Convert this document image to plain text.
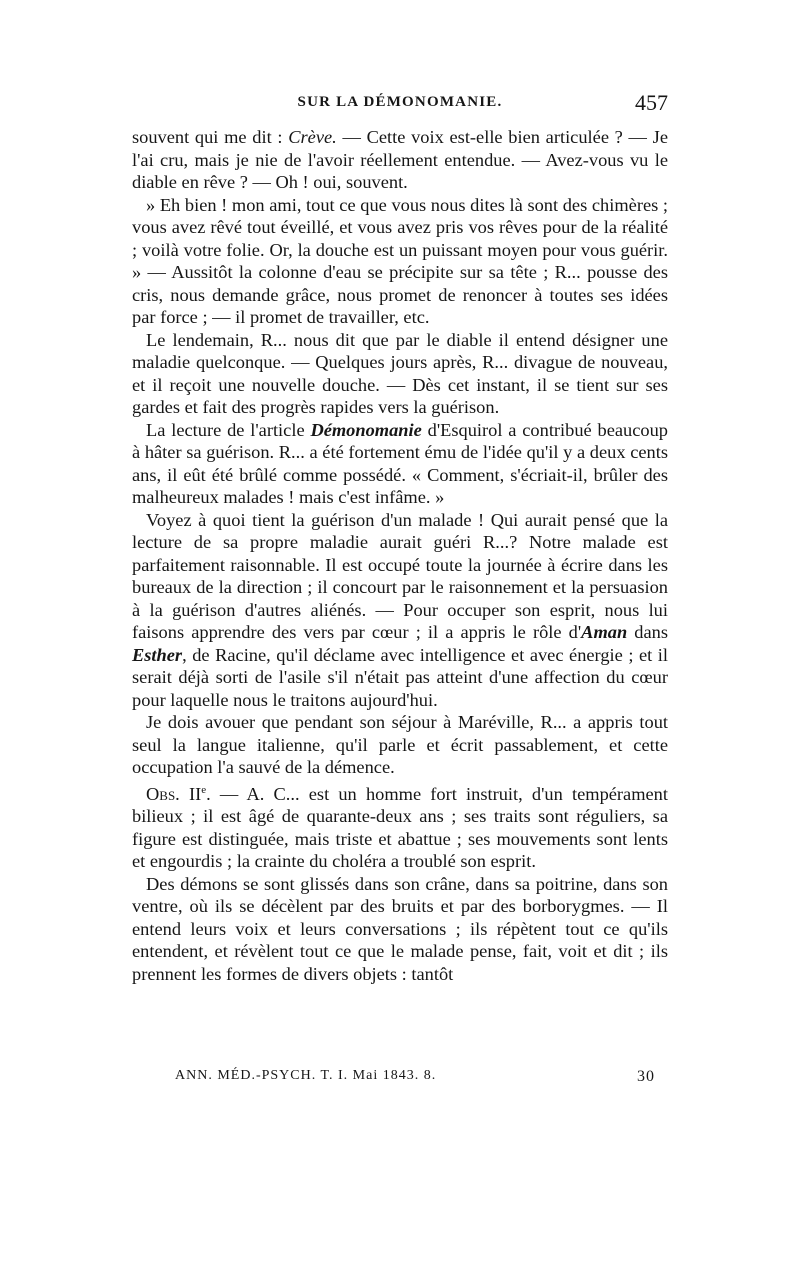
SUR LA DÉMONOMANIE.	457

souvent qui me dit : Crève. — Cette voix est-elle bien articulée ? — Je l'ai cru, mais je nie de l'avoir réellement entendue. — Avez-vous vu le diable en rêve ? — Oh ! oui, souvent.

» Eh bien ! mon ami, tout ce que vous nous dites là sont des chimères ; vous avez rêvé tout éveillé, et vous avez pris vos rêves pour de la réalité ; voilà votre folie. Or, la douche est un puissant moyen pour vous guérir. » — Aussitôt la colonne d'eau se précipite sur sa tête ; R... pousse des cris, nous demande grâce, nous promet de renoncer à toutes ses idées par force ; — il promet de travailler, etc.

Le lendemain, R... nous dit que par le diable il entend désigner une maladie quelconque. — Quelques jours après, R... divague de nouveau, et il reçoit une nouvelle douche. — Dès cet instant, il se tient sur ses gardes et fait des progrès rapides vers la guérison.

La lecture de l'article Démonomanie d'Esquirol a contribué beaucoup à hâter sa guérison. R... a été fortement ému de l'idée qu'il y a deux cents ans, il eût été brûlé comme possédé. « Comment, s'écriait-il, brûler des malheureux malades ! mais c'est infâme. »

Voyez à quoi tient la guérison d'un malade ! Qui aurait pensé que la lecture de sa propre maladie aurait guéri R...? Notre malade est parfaitement raisonnable. Il est occupé toute la journée à écrire dans les bureaux de la direction ; il concourt par le raisonnement et la persuasion à la guérison d'autres aliénés. — Pour occuper son esprit, nous lui faisons apprendre des vers par cœur ; il a appris le rôle d'Aman dans Esther, de Racine, qu'il déclame avec intelligence et avec énergie ; et il serait déjà sorti de l'asile s'il n'était pas atteint d'une affection du cœur pour laquelle nous le traitons aujourd'hui.

Je dois avouer que pendant son séjour à Maréville, R... a appris tout seul la langue italienne, qu'il parle et écrit passablement, et cette occupation l'a sauvé de la démence.

Obs. IIe. — A. C... est un homme fort instruit, d'un tempérament bilieux ; il est âgé de quarante-deux ans ; ses traits sont réguliers, sa figure est distinguée, mais triste et abattue ; ses mouvements sont lents et engourdis ; la crainte du choléra a troublé son esprit.

Des démons se sont glissés dans son crâne, dans sa poitrine, dans son ventre, où ils se décèlent par des bruits et par des borborygmes. — Il entend leurs voix et leurs conversations ; ils répètent tout ce qu'ils entendent, et révèlent tout ce que le malade pense, fait, voit et dit ; ils prennent les formes de divers objets : tantôt

ANN. MÉD.-PSYCH. T. I. Mai 1843. 8.	30
